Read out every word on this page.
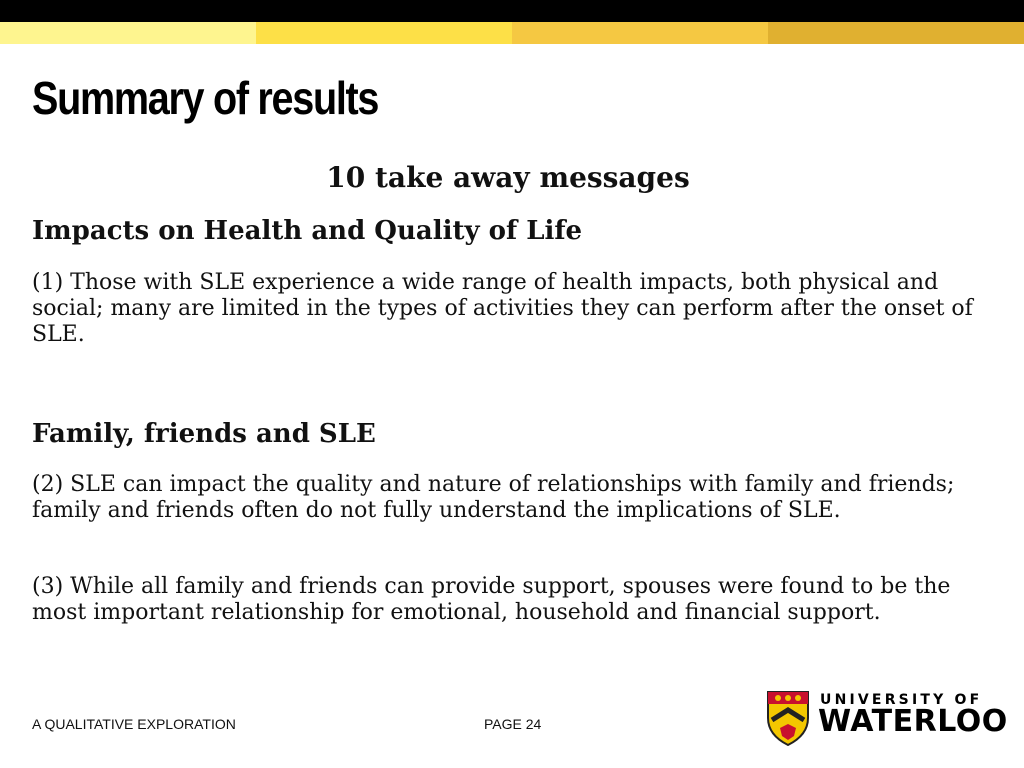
Summary of results
10 take away messages
Impacts on Health and Quality of Life

(1) Those with SLE experience a wide range of health impacts, both physical and social; many are limited in the types of activities they can perform after the onset of SLE.

Family, friends and SLE

(2) SLE can impact the quality and nature of relationships with family and friends; family and friends often do not fully understand the implications of SLE.

(3) While all family and friends can provide support, spouses were found to be the most important relationship for emotional, household and financial support.

A QUALITATIVE EXPLORATION	PAGE 24
UNIVERSITY OF
WATERLOO
